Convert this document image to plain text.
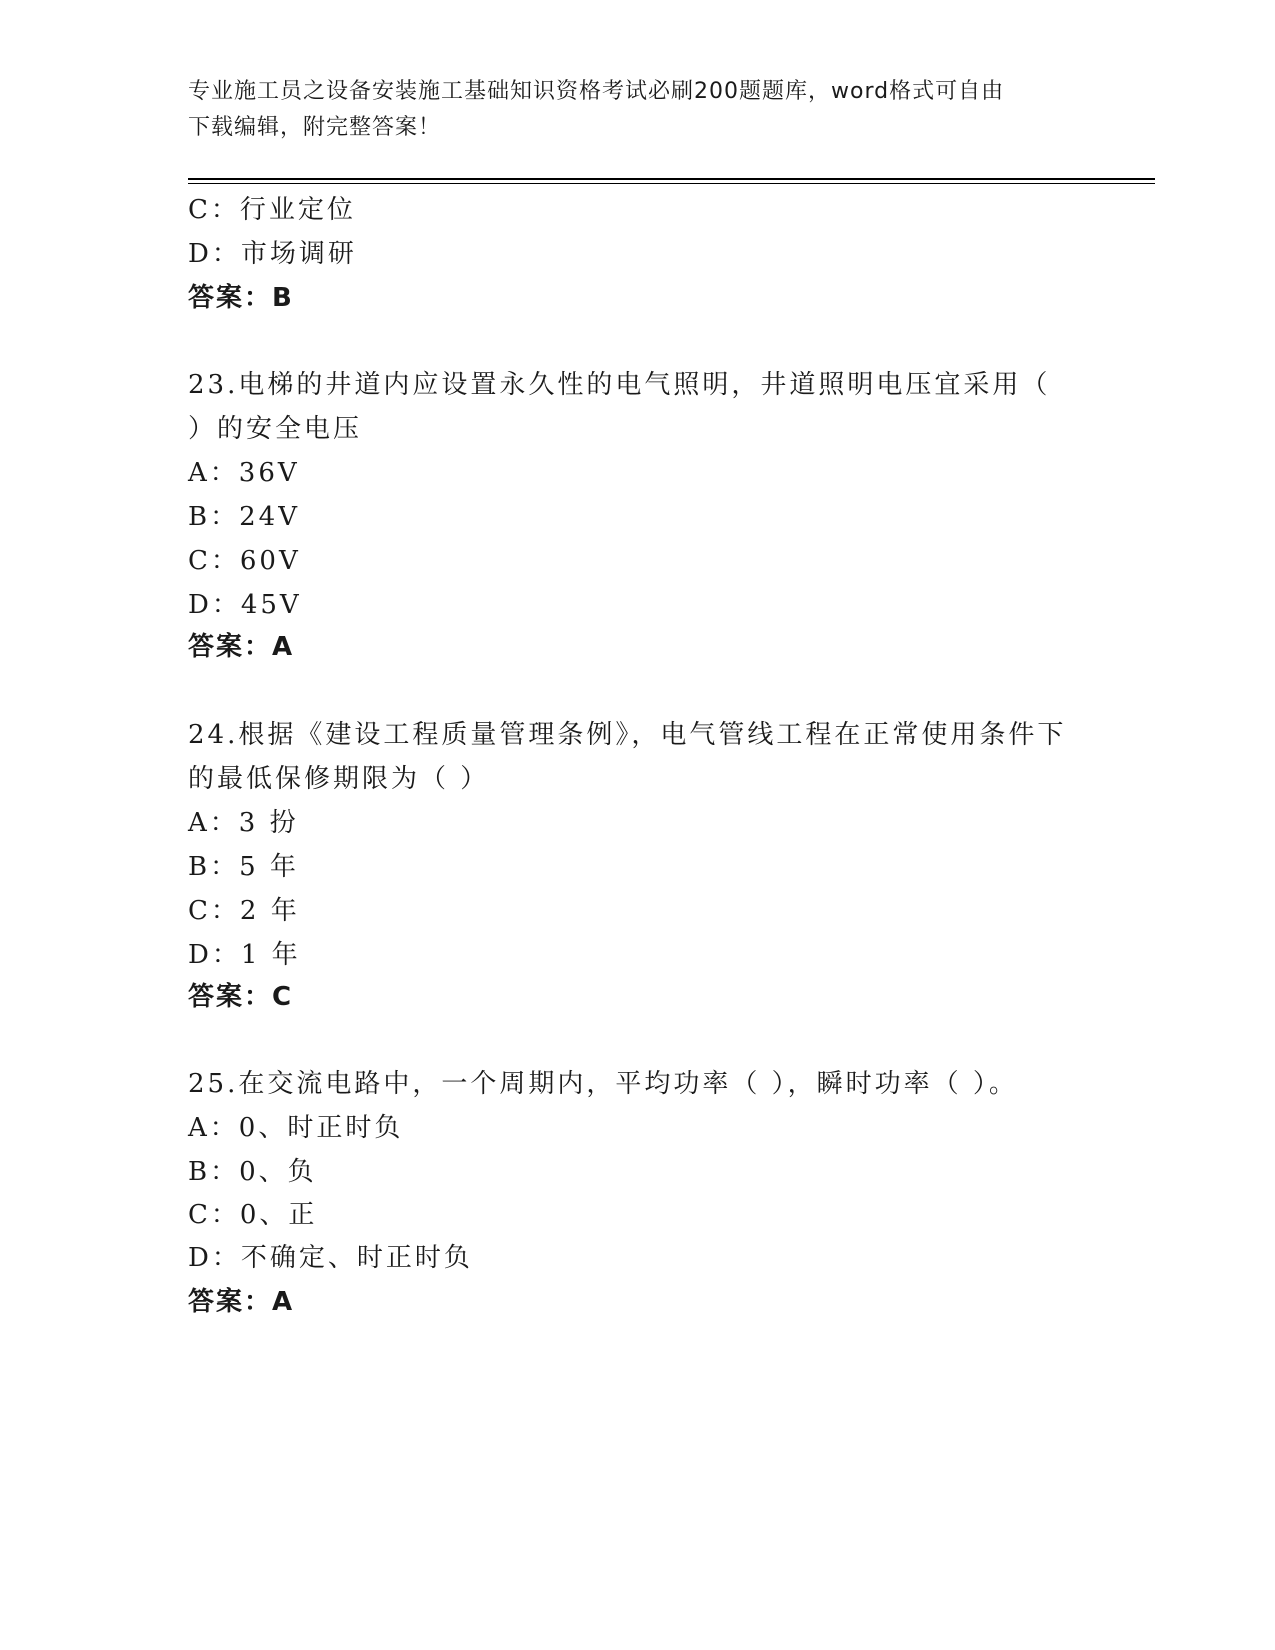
专业施工员之设备安装施工基础知识资格考试必刷200题题库，word格式可自由
下载编辑，附完整答案！
C：行业定位
D：市场调研
答案：B
23.电梯的井道内应设置永久性的电气照明，井道照明电压宜采用（
）的安全电压
A：36V
B：24V
C：60V
D：45V
答案：A
24.根据《建设工程质量管理条例》，电气管线工程在正常使用条件下
的最低保修期限为（ ）
A：3 扮
B：5 年
C：2 年
D：1 年
答案：C
25.在交流电路中，一个周期内，平均功率（ ），瞬时功率（ ）。
A：0、时正时负
B：0、负
C：0、正
D：不确定、时正时负
答案：A
